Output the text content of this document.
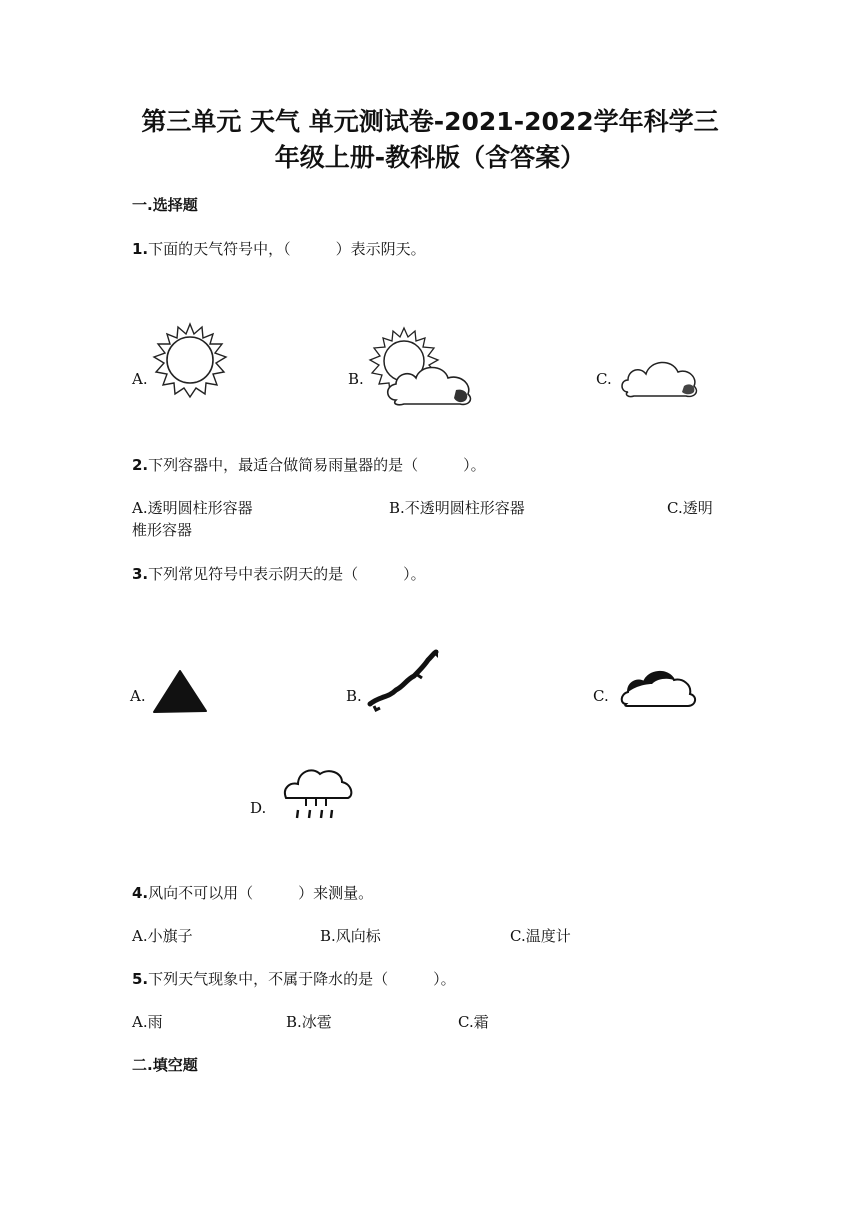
第三单元 天气 单元测试卷-2021-2022学年科学三
年级上册-教科版（含答案）
一.选择题
1.下面的天气符号中，（　　　）表示阴天。
A.	B.	C.
2.下列容器中，最适合做简易雨量器的是（　　　）。
A.透明圆柱形容器	B.不透明圆柱形容器	C.透明
椎形容器
3.下列常见符号中表示阴天的是（　　　）。
A.	B.	C.
D.
4.风向不可以用（　　　）来测量。
A.小旗子	B.风向标	C.温度计
5.下列天气现象中，不属于降水的是（　　　）。
A.雨	B.冰雹	C.霜
二.填空题
